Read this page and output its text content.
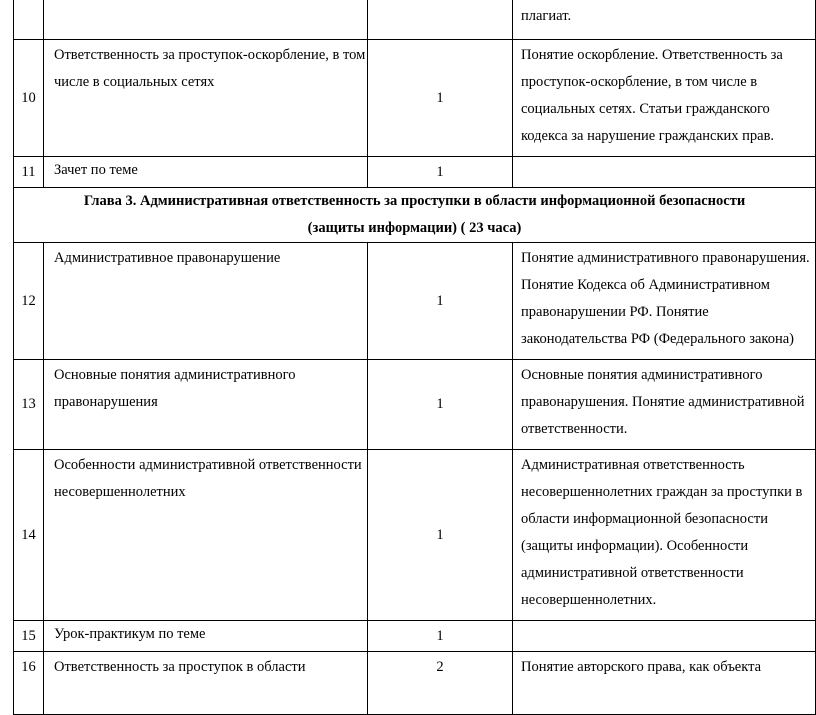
			плагиат.
10	Ответственность за проступок-оскорбление, в том числе в социальных сетях	1	Понятие оскорбление. Ответственность за проступок-оскорбление, в том числе в социальных сетях. Статьи гражданского кодекса за нарушение гражданских прав.
11	Зачет по теме	1	
Глава 3. Административная ответственность за проступки в области информационной безопасности (защиты информации) ( 23 часа)			
12	Административное правонарушение	1	Понятие административного правонарушения. Понятие Кодекса об Административном правонарушении РФ. Понятие законодательства РФ (Федерального закона)
13	Основные понятия административного правонарушения	1	Основные понятия административного правонарушения. Понятие административной ответственности.
14	Особенности административной ответственности несовершеннолетних	1	Административная ответственность несовершеннолетних граждан за проступки в области информационной безопасности (защиты информации). Особенности административной ответственности несовершеннолетних.
15	Урок-практикум по теме	1	
16	Ответственность за проступок в области	2	Понятие авторского права, как объекта
